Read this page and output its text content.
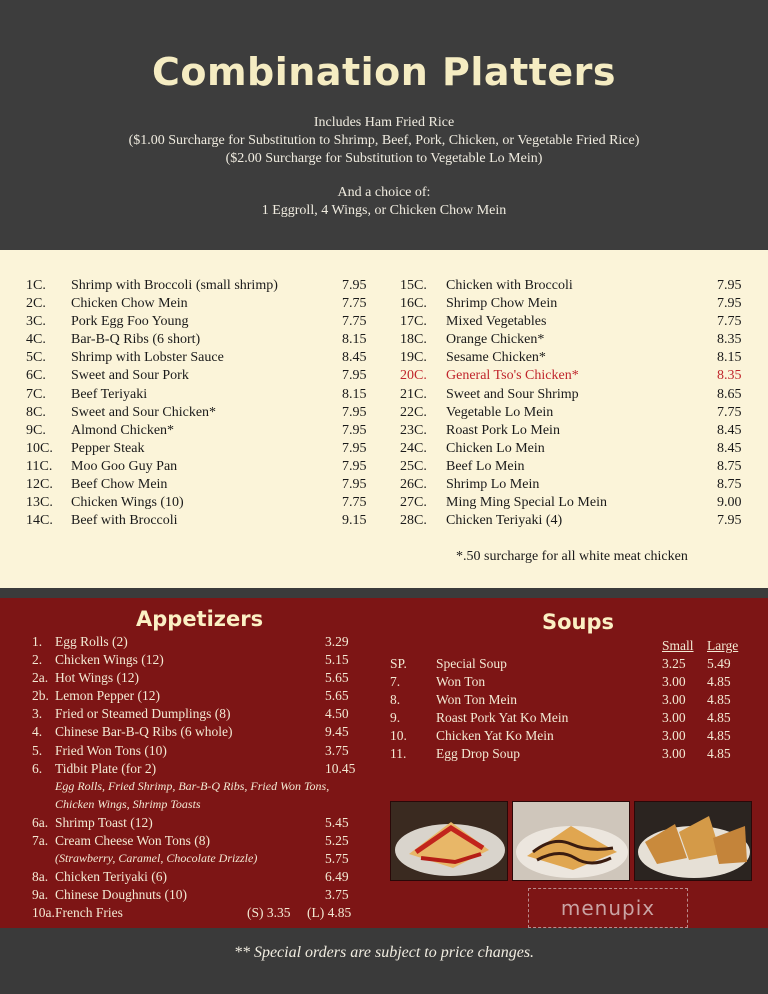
Combination Platters
Includes Ham Fried Rice
($1.00 Surcharge for Substitution to Shrimp, Beef, Pork, Chicken, or Vegetable Fried Rice)
($2.00 Surcharge for Substitution to Vegetable Lo Mein)
And a choice of:
1 Eggroll, 4 Wings, or Chicken Chow Mein
1C. Shrimp with Broccoli (small shrimp)	7.95
2C. Chicken Chow Mein	7.75
3C. Pork Egg Foo Young	7.75
4C. Bar-B-Q Ribs (6 short)	8.15
5C. Shrimp with Lobster Sauce	8.45
6C. Sweet and Sour Pork	7.95
7C. Beef Teriyaki	8.15
8C. Sweet and Sour Chicken*	7.95
9C. Almond Chicken*	7.95
10C. Pepper Steak	7.95
11C. Moo Goo Guy Pan	7.95
12C. Beef Chow Mein	7.95
13C. Chicken Wings (10)	7.75
14C. Beef with Broccoli	9.15
15C. Chicken with Broccoli	7.95
16C. Shrimp Chow Mein	7.95
17C. Mixed Vegetables	7.75
18C. Orange Chicken*	8.35
19C. Sesame Chicken*	8.15
20C. General Tso's Chicken*	8.35
21C. Sweet and Sour Shrimp	8.65
22C. Vegetable Lo Mein	7.75
23C. Roast Pork Lo Mein	8.45
24C. Chicken Lo Mein	8.45
25C. Beef Lo Mein	8.75
26C. Shrimp Lo Mein	8.75
27C. Ming Ming Special Lo Mein	9.00
28C. Chicken Teriyaki (4)	7.95
*.50 surcharge for all white meat chicken
Appetizers
1. Egg Rolls (2)	3.29
2. Chicken Wings (12)	5.15
2a. Hot Wings (12)	5.65
2b. Lemon Pepper (12)	5.65
3. Fried or Steamed Dumplings (8)	4.50
4. Chinese Bar-B-Q Ribs (6 whole)	9.45
5. Fried Won Tons (10)	3.75
6. Tidbit Plate (for 2)	10.45
Egg Rolls, Fried Shrimp, Bar-B-Q Ribs, Fried Won Tons,
Chicken Wings, Shrimp Toasts
6a. Shrimp Toast (12)	5.45
7a. Cream Cheese Won Tons (8)	5.25
(Strawberry, Caramel, Chocolate Drizzle)	5.75
8a. Chicken Teriyaki (6)	6.49
9a. Chinese Doughnuts (10)	3.75
10a. French Fries	(S) 3.35 (L) 4.85
Soups
Small Large
SP. Special Soup	3.25 5.49
7.	Won Ton	3.00 4.85
8.	Won Ton Mein	3.00 4.85
9.	Roast Pork Yat Ko Mein	3.00 4.85
10. Chicken Yat Ko Mein	3.00 4.85
11. Egg Drop Soup	3.00 4.85
menupix
** Special orders are subject to price changes.
